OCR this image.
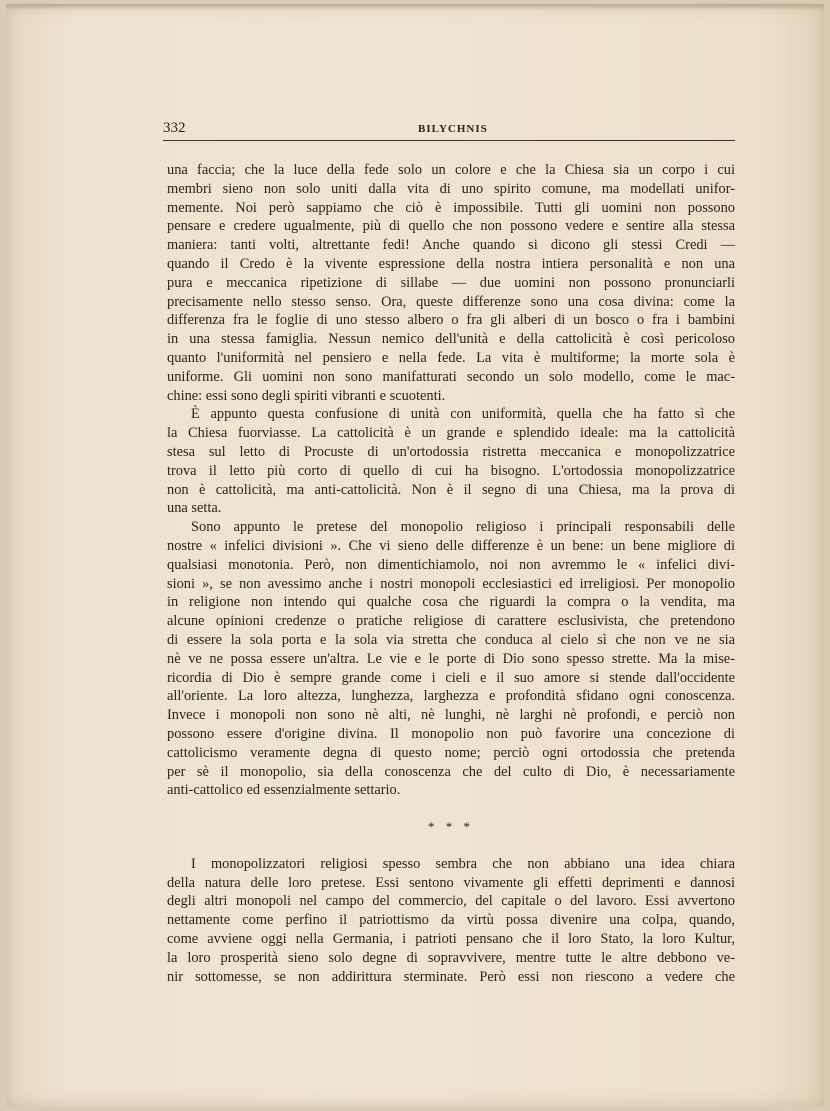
332	BILYCHNIS
una faccia; che la luce della fede solo un colore e che la Chiesa sia un corpo i cui
membri sieno non solo uniti dalla vita di uno spirito comune, ma modellati unifor-
memente. Noi però sappiamo che ciò è impossibile. Tutti gli uomini non possono
pensare e credere ugualmente, più di quello che non possono vedere e sentire alla stessa
maniera: tanti volti, altrettante fedi! Anche quando si dicono gli stessi Credi —
quando il Credo è la vivente espressione della nostra intiera personalità e non una
pura e meccanica ripetizione di sillabe — due uomini non possono pronunciarli
precisamente nello stesso senso. Ora, queste differenze sono una cosa divina: come la
differenza fra le foglie di uno stesso albero o fra gli alberi di un bosco o fra i bambini
in una stessa famiglia. Nessun nemico dell'unità e della cattolicità è così pericoloso
quanto l'uniformità nel pensiero e nella fede. La vita è multiforme; la morte sola è
uniforme. Gli uomini non sono manifatturati secondo un solo modello, come le mac-
chine: essi sono degli spiriti vibranti e scuotenti.
È appunto questa confusione di unità con uniformità, quella che ha fatto sì che
la Chiesa fuorviasse. La cattolicità è un grande e splendido ideale: ma la cattolicità
stesa sul letto di Procuste di un'ortodossia ristretta meccanica e monopolizzatrice
trova il letto più corto di quello di cui ha bisogno. L'ortodossia monopolizzatrice
non è cattolicità, ma anti-cattolicità. Non è il segno di una Chiesa, ma la prova di
una setta.
Sono appunto le pretese del monopolio religioso i principali responsabili delle
nostre « infelici divisioni ». Che vi sieno delle differenze è un bene: un bene migliore di
qualsiasi monotonia. Però, non dimentichiamolo, noi non avremmo le « infelici divi-
sioni », se non avessimo anche i nostri monopoli ecclesiastici ed irreligiosi. Per monopolio
in religione non intendo qui qualche cosa che riguardi la compra o la vendita, ma
alcune opinioni credenze o pratiche religiose di carattere esclusivista, che pretendono
di essere la sola porta e la sola via stretta che conduca al cielo sì che non ve ne sia
nè ve ne possa essere un'altra. Le vie e le porte di Dio sono spesso strette. Ma la mise-
ricordia di Dio è sempre grande come i cieli e il suo amore si stende dall'occidente
all'oriente. La loro altezza, lunghezza, larghezza e profondità sfidano ogni conoscenza.
Invece i monopoli non sono nè alti, nè lunghi, nè larghi nè profondi, e perciò non
possono essere d'origine divina. Il monopolio non può favorire una concezione di
cattolicismo veramente degna di questo nome; perciò ogni ortodossia che pretenda
per sè il monopolio, sia della conoscenza che del culto di Dio, è necessariamente
anti-cattolico ed essenzialmente settario.
* * *
I monopolizzatori religiosi spesso sembra che non abbiano una idea chiara
della natura delle loro pretese. Essi sentono vivamente gli effetti deprimenti e dannosi
degli altri monopoli nel campo del commercio, del capitale o del lavoro. Essi avvertono
nettamente come perfino il patriottismo da virtù possa divenire una colpa, quando,
come avviene oggi nella Germania, i patrioti pensano che il loro Stato, la loro Kultur,
la loro prosperità sieno solo degne di sopravvivere, mentre tutte le altre debbono ve-
nir sottomesse, se non addirittura sterminate. Però essi non riescono a vedere che
